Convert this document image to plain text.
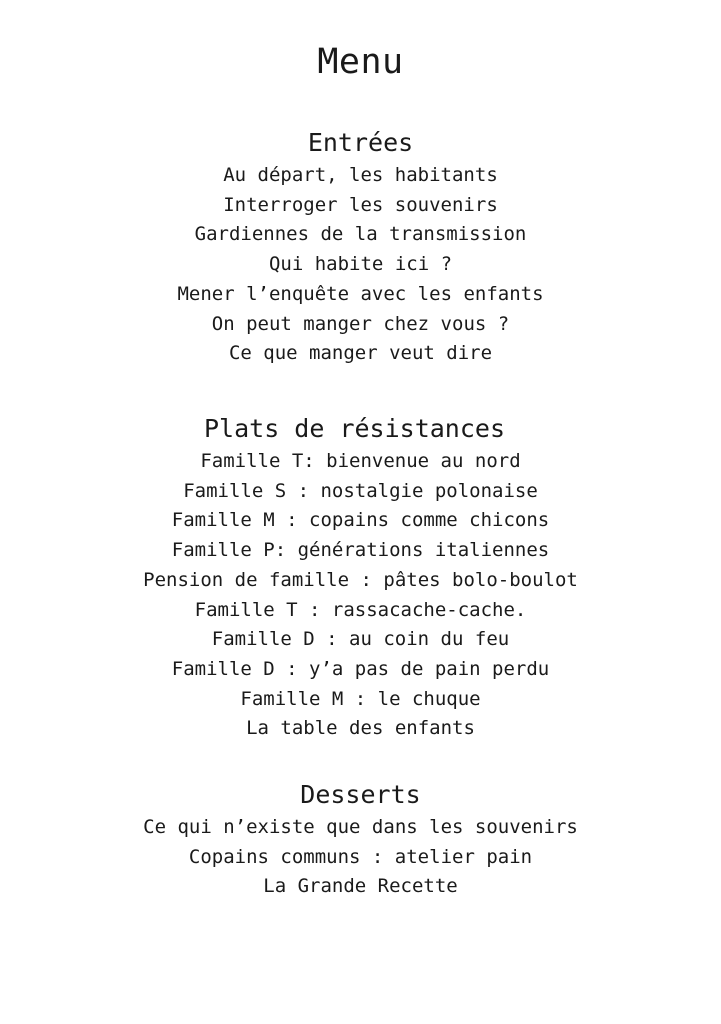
Menu
Entrées
Au départ, les habitants
Interroger les souvenirs
Gardiennes de la transmission
Qui habite ici ?
Mener l’enquête avec les enfants
On peut manger chez vous ?
Ce que manger veut dire
Plats de résistances
Famille T: bienvenue au nord
Famille S : nostalgie polonaise
Famille M : copains comme chicons
Famille P: générations italiennes
Pension de famille : pâtes bolo-boulot
Famille T : rassacache-cache.
Famille D : au coin du feu
Famille D : y’a pas de pain perdu
Famille M : le chuque
La table des enfants
Desserts
Ce qui n’existe que dans les souvenirs
Copains communs : atelier pain
La Grande Recette
